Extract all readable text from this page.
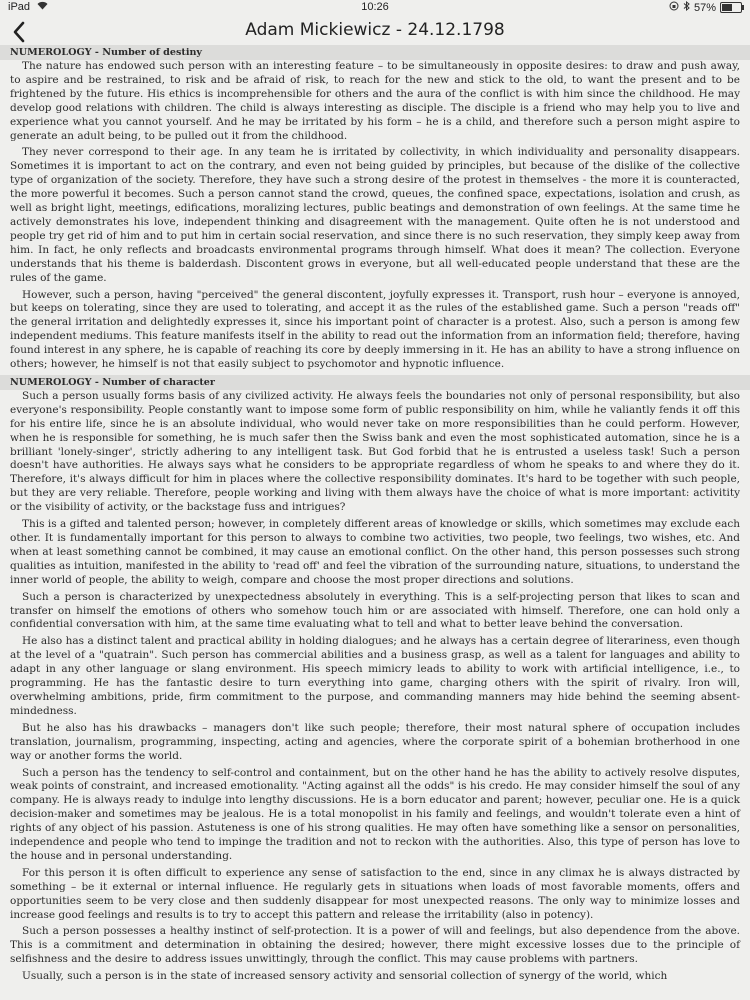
iPad	10:26	57%
Adam Mickiewicz - 24.12.1798
NUMEROLOGY - Number of destiny

The nature has endowed such person with an interesting feature – to be simultaneously in opposite desires: to draw and push away, to aspire and be restrained, to risk and be afraid of risk, to reach for the new and stick to the old, to want the present and to be frightened by the future. His ethics is incomprehensible for others and the aura of the conflict is with him since the childhood. He may develop good relations with children. The child is always interesting as disciple. The disciple is a friend who may help you to live and experience what you cannot yourself. And he may be irritated by his form – he is a child, and therefore such a person might aspire to generate an adult being, to be pulled out it from the childhood.

They never correspond to their age. In any team he is irritated by collectivity, in which individuality and personality disappears. Sometimes it is important to act on the contrary, and even not being guided by principles, but because of the dislike of the collective type of organization of the society. Therefore, they have such a strong desire of the protest in themselves - the more it is counteracted, the more powerful it becomes. Such a person cannot stand the crowd, queues, the confined space, expectations, isolation and crush, as well as bright light, meetings, edifications, moralizing lectures, public beatings and demonstration of own feelings. At the same time he actively demonstrates his love, independent thinking and disagreement with the management. Quite often he is not understood and people try get rid of him and to put him in certain social reservation, and since there is no such reservation, they simply keep away from him. In fact, he only reflects and broadcasts environmental programs through himself. What does it mean? The collection. Everyone understands that his theme is balderdash. Discontent grows in everyone, but all well-educated people understand that these are the rules of the game.

However, such a person, having "perceived" the general discontent, joyfully expresses it. Transport, rush hour – everyone is annoyed, but keeps on tolerating, since they are used to tolerating, and accept it as the rules of the established game. Such a person "reads off" the general irritation and delightedly expresses it, since his important point of character is a protest. Also, such a person is among few independent mediums. This feature manifests itself in the ability to read out the information from an information field; therefore, having found interest in any sphere, he is capable of reaching its core by deeply immersing in it. He has an ability to have a strong influence on others; however, he himself is not that easily subject to psychomotor and hypnotic influence.

NUMEROLOGY - Number of character

Such a person usually forms basis of any civilized activity. He always feels the boundaries not only of personal responsibility, but also everyone's responsibility. People constantly want to impose some form of public responsibility on him, while he valiantly fends it off this for his entire life, since he is an absolute individual, who would never take on more responsibilities than he could perform. However, when he is responsible for something, he is much safer then the Swiss bank and even the most sophisticated automation, since he is a brilliant 'lonely-singer', strictly adhering to any intelligent task. But God forbid that he is entrusted a useless task! Such a person doesn't have authorities. He always says what he considers to be appropriate regardless of whom he speaks to and where they do it. Therefore, it's always difficult for him in places where the collective responsibility dominates. It's hard to be together with such people, but they are very reliable. Therefore, people working and living with them always have the choice of what is more important: activitity or the visibility of activity, or the backstage fuss and intrigues?

This is a gifted and talented person; however, in completely different areas of knowledge or skills, which sometimes may exclude each other. It is fundamentally important for this person to always to combine two activities, two people, two feelings, two wishes, etc. And when at least something cannot be combined, it may cause an emotional conflict. On the other hand, this person possesses such strong qualities as intuition, manifested in the ability to 'read off' and feel the vibration of the surrounding nature, situations, to understand the inner world of people, the ability to weigh, compare and choose the most proper directions and solutions.

Such a person is characterized by unexpectedness absolutely in everything. This is a self-projecting person that likes to scan and transfer on himself the emotions of others who somehow touch him or are associated with himself. Therefore, one can hold only a confidential conversation with him, at the same time evaluating what to tell and what to better leave behind the conversation.

He also has a distinct talent and practical ability in holding dialogues; and he always has a certain degree of literariness, even though at the level of a "quatrain". Such person has commercial abilities and a business grasp, as well as a talent for languages and ability to adapt in any other language or slang environment. His speech mimicry leads to ability to work with artificial intelligence, i.e., to programming. He has the fantastic desire to turn everything into game, charging others with the spirit of rivalry. Iron will, overwhelming ambitions, pride, firm commitment to the purpose, and commanding manners may hide behind the seeming absent-mindedness.

But he also has his drawbacks – managers don't like such people; therefore, their most natural sphere of occupation includes translation, journalism, programming, inspecting, acting and agencies, where the corporate spirit of a bohemian brotherhood in one way or another forms the world.

Such a person has the tendency to self-control and containment, but on the other hand he has the ability to actively resolve disputes, weak points of constraint, and increased emotionality. "Acting against all the odds" is his credo. He may consider himself the soul of any company. He is always ready to indulge into lengthy discussions. He is a born educator and parent; however, peculiar one. He is a quick decision-maker and sometimes may be jealous. He is a total monopolist in his family and feelings, and wouldn't tolerate even a hint of rights of any object of his passion. Astuteness is one of his strong qualities. He may often have something like a sensor on personalities, independence and people who tend to impinge the tradition and not to reckon with the authorities. Also, this type of person has love to the house and in personal understanding.

For this person it is often difficult to experience any sense of satisfaction to the end, since in any climax he is always distracted by something – be it external or internal influence. He regularly gets in situations when loads of most favorable moments, offers and opportunities seem to be very close and then suddenly disappear for most unexpected reasons. The only way to minimize losses and increase good feelings and results is to try to accept this pattern and release the irritability (also in potency).

Such a person possesses a healthy instinct of self-protection. It is a power of will and feelings, but also dependence from the above. This is a commitment and determination in obtaining the desired; however, there might excessive losses due to the principle of selfishness and the desire to address issues unwittingly, through the conflict. This may cause problems with partners.

Usually, such a person is in the state of increased sensory activity and sensorial collection of synergy of the world, which
